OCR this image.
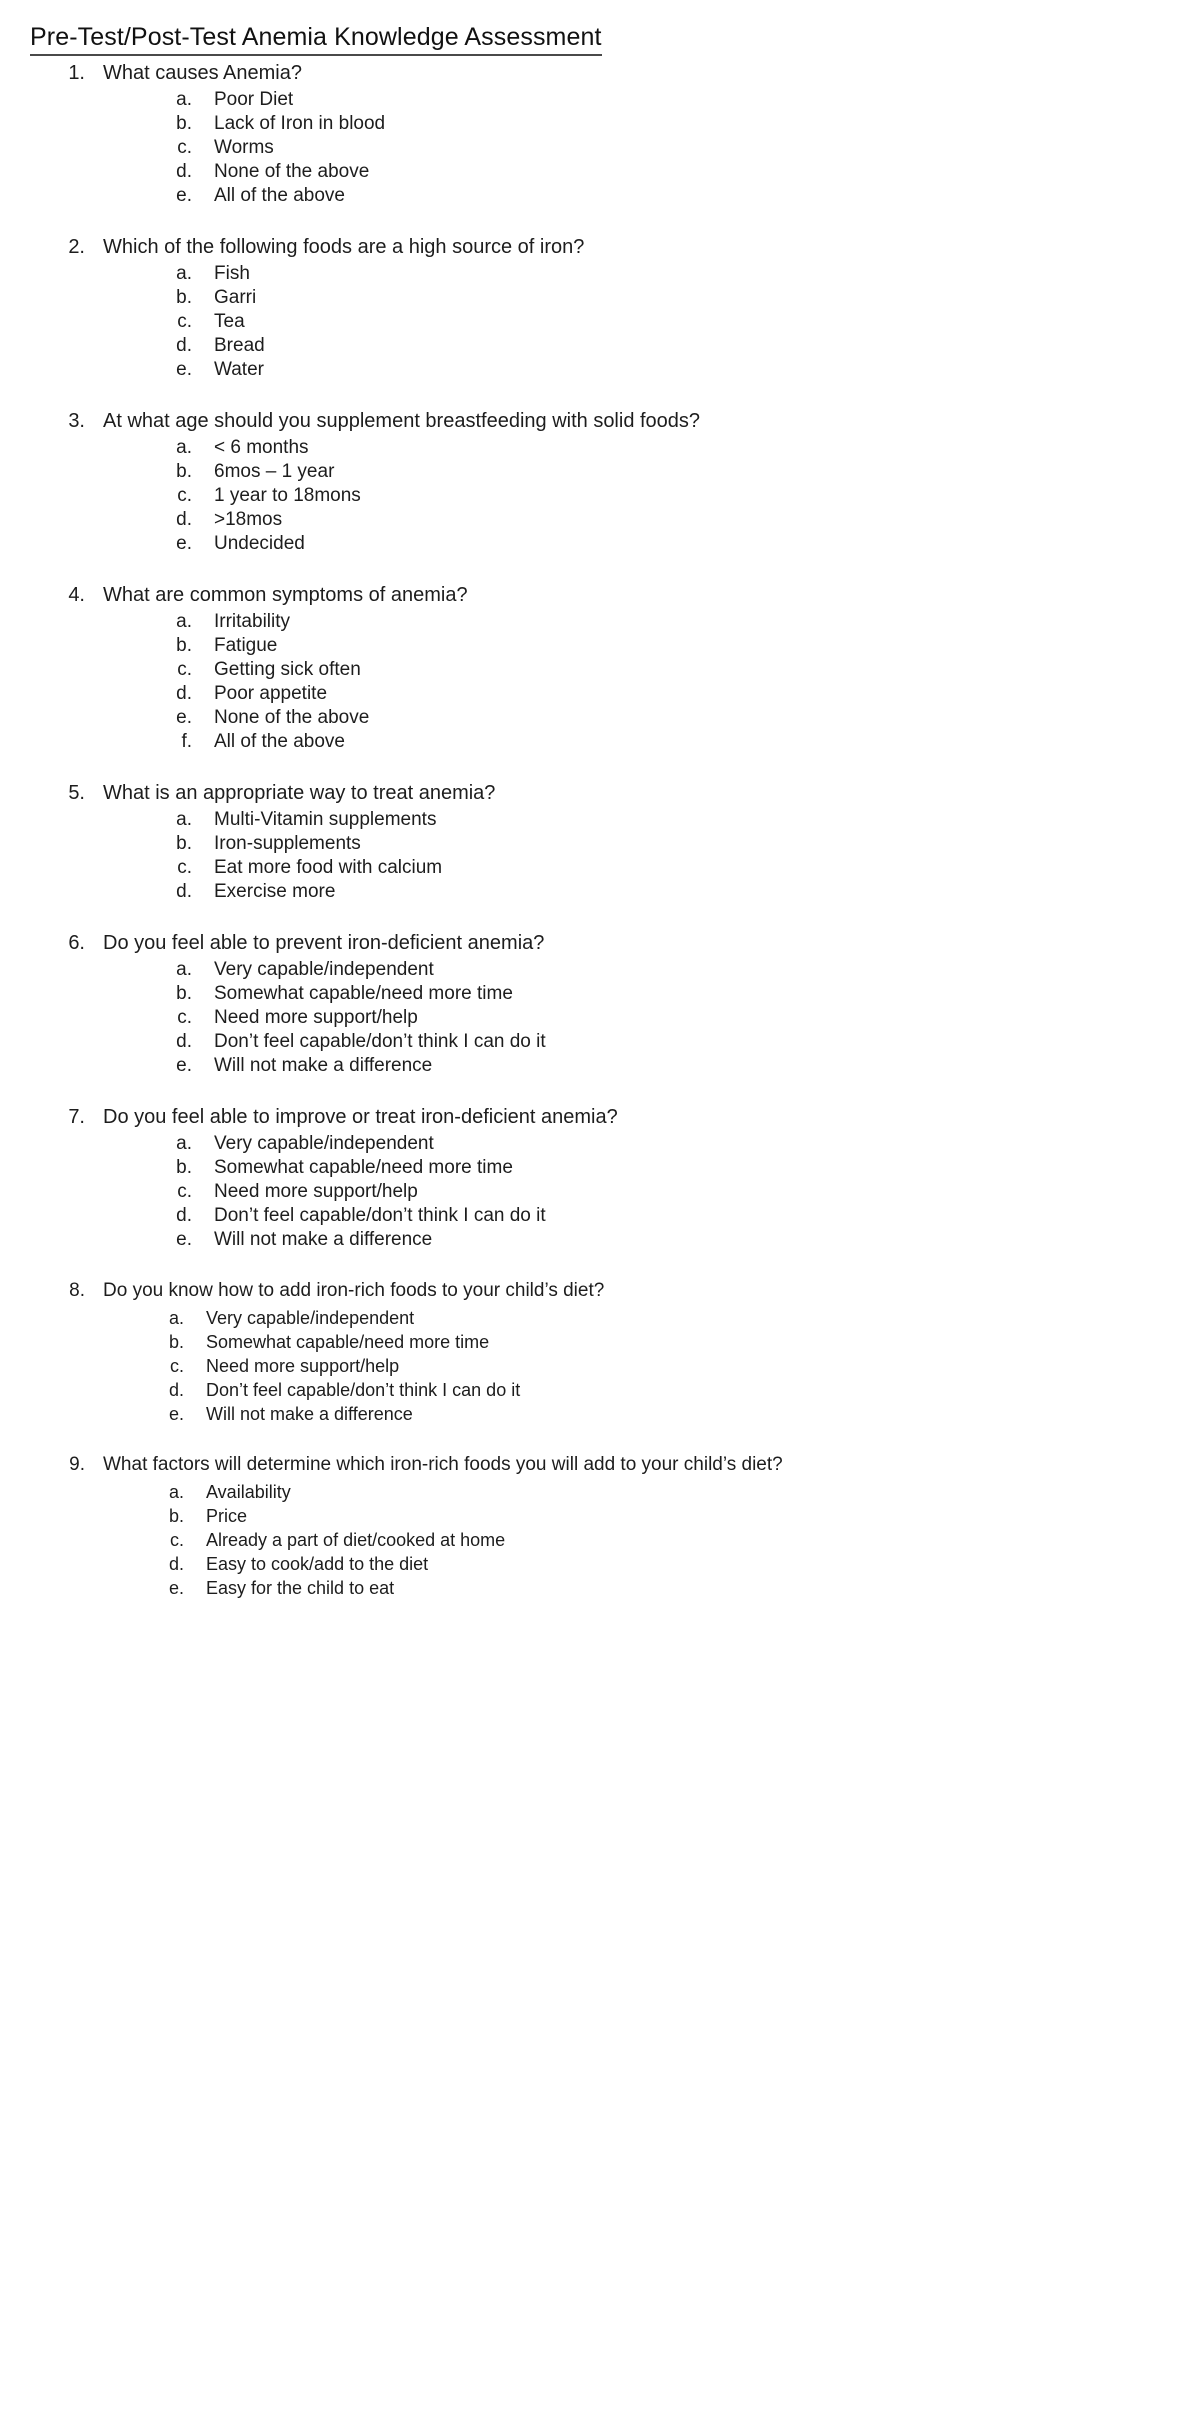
Pre-Test/Post-Test Anemia Knowledge Assessment
1. What causes Anemia?
a. Poor Diet
b. Lack of Iron in blood
c. Worms
d. None of the above
e. All of the above
2. Which of the following foods are a high source of iron?
a. Fish
b. Garri
c. Tea
d. Bread
e. Water
3. At what age should you supplement breastfeeding with solid foods?
a. < 6 months
b. 6mos – 1 year
c. 1 year to 18mons
d. >18mos
e. Undecided
4. What are common symptoms of anemia?
a. Irritability
b. Fatigue
c. Getting sick often
d. Poor appetite
e. None of the above
f. All of the above
5. What is an appropriate way to treat anemia?
a. Multi-Vitamin supplements
b. Iron-supplements
c. Eat more food with calcium
d. Exercise more
6. Do you feel able to prevent iron-deficient anemia?
a. Very capable/independent
b. Somewhat capable/need more time
c. Need more support/help
d. Don’t feel capable/don’t think I can do it
e. Will not make a difference
7. Do you feel able to improve or treat iron-deficient anemia?
a. Very capable/independent
b. Somewhat capable/need more time
c. Need more support/help
d. Don’t feel capable/don’t think I can do it
e. Will not make a difference
8. Do you know how to add iron-rich foods to your child’s diet?
a. Very capable/independent
b. Somewhat capable/need more time
c. Need more support/help
d. Don’t feel capable/don’t think I can do it
e. Will not make a difference
9. What factors will determine which iron-rich foods you will add to your child’s diet?
a. Availability
b. Price
c. Already a part of diet/cooked at home
d. Easy to cook/add to the diet
e. Easy for the child to eat
